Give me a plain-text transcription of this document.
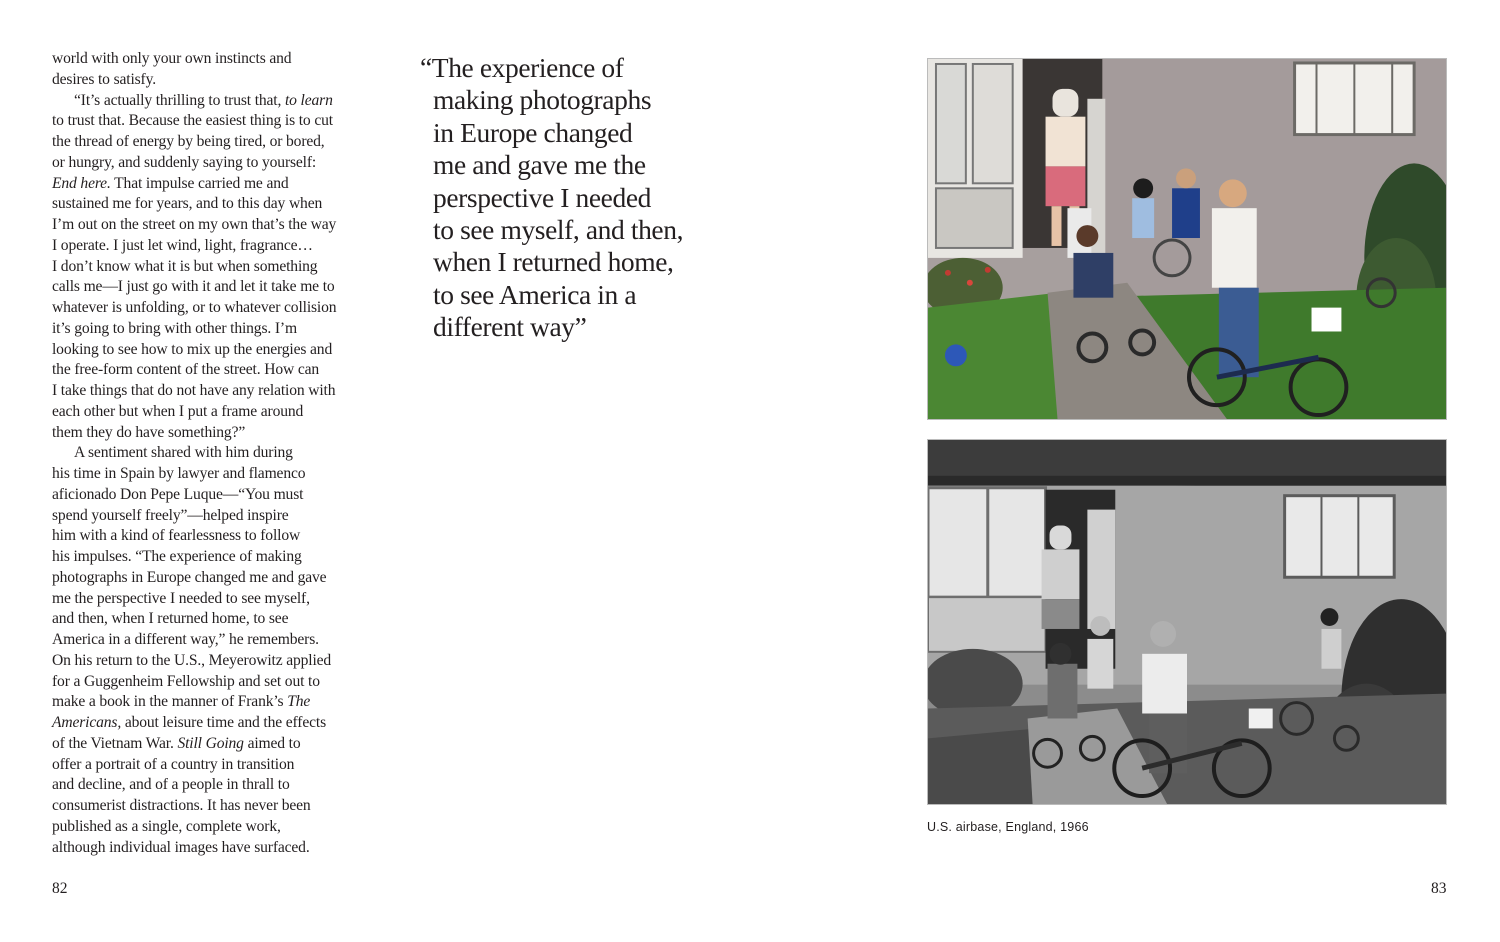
world with only your own instincts and
desires to satisfy.
“It’s actually thrilling to trust that, to learn
to trust that. Because the easiest thing is to cut
the thread of energy by being tired, or bored,
or hungry, and suddenly saying to yourself:
End here. That impulse carried me and
sustained me for years, and to this day when
I’m out on the street on my own that’s the way
I operate. I just let wind, light, fragrance…
I don’t know what it is but when something
calls me—I just go with it and let it take me to
whatever is unfolding, or to whatever collision
it’s going to bring with other things. I’m
looking to see how to mix up the energies and
the free-form content of the street. How can
I take things that do not have any relation with
each other but when I put a frame around
them they do have something?”
A sentiment shared with him during
his time in Spain by lawyer and flamenco
aficionado Don Pepe Luque—“You must
spend yourself freely”—helped inspire
him with a kind of fearlessness to follow
his impulses. “The experience of making
photographs in Europe changed me and gave
me the perspective I needed to see myself,
and then, when I returned home, to see
America in a different way,” he remembers.
On his return to the U.S., Meyerowitz applied
for a Guggenheim Fellowship and set out to
make a book in the manner of Frank’s The
Americans, about leisure time and the effects
of the Vietnam War. Still Going aimed to
offer a portrait of a country in transition
and decline, and of a people in thrall to
consumerist distractions. It has never been
published as a single, complete work,
although individual images have surfaced.
“The experience of
making photographs
in Europe changed
me and gave me the
perspective I needed
to see myself, and then,
when I returned home,
to see America in a
different way”
U.S. airbase, England, 1966
82	83
